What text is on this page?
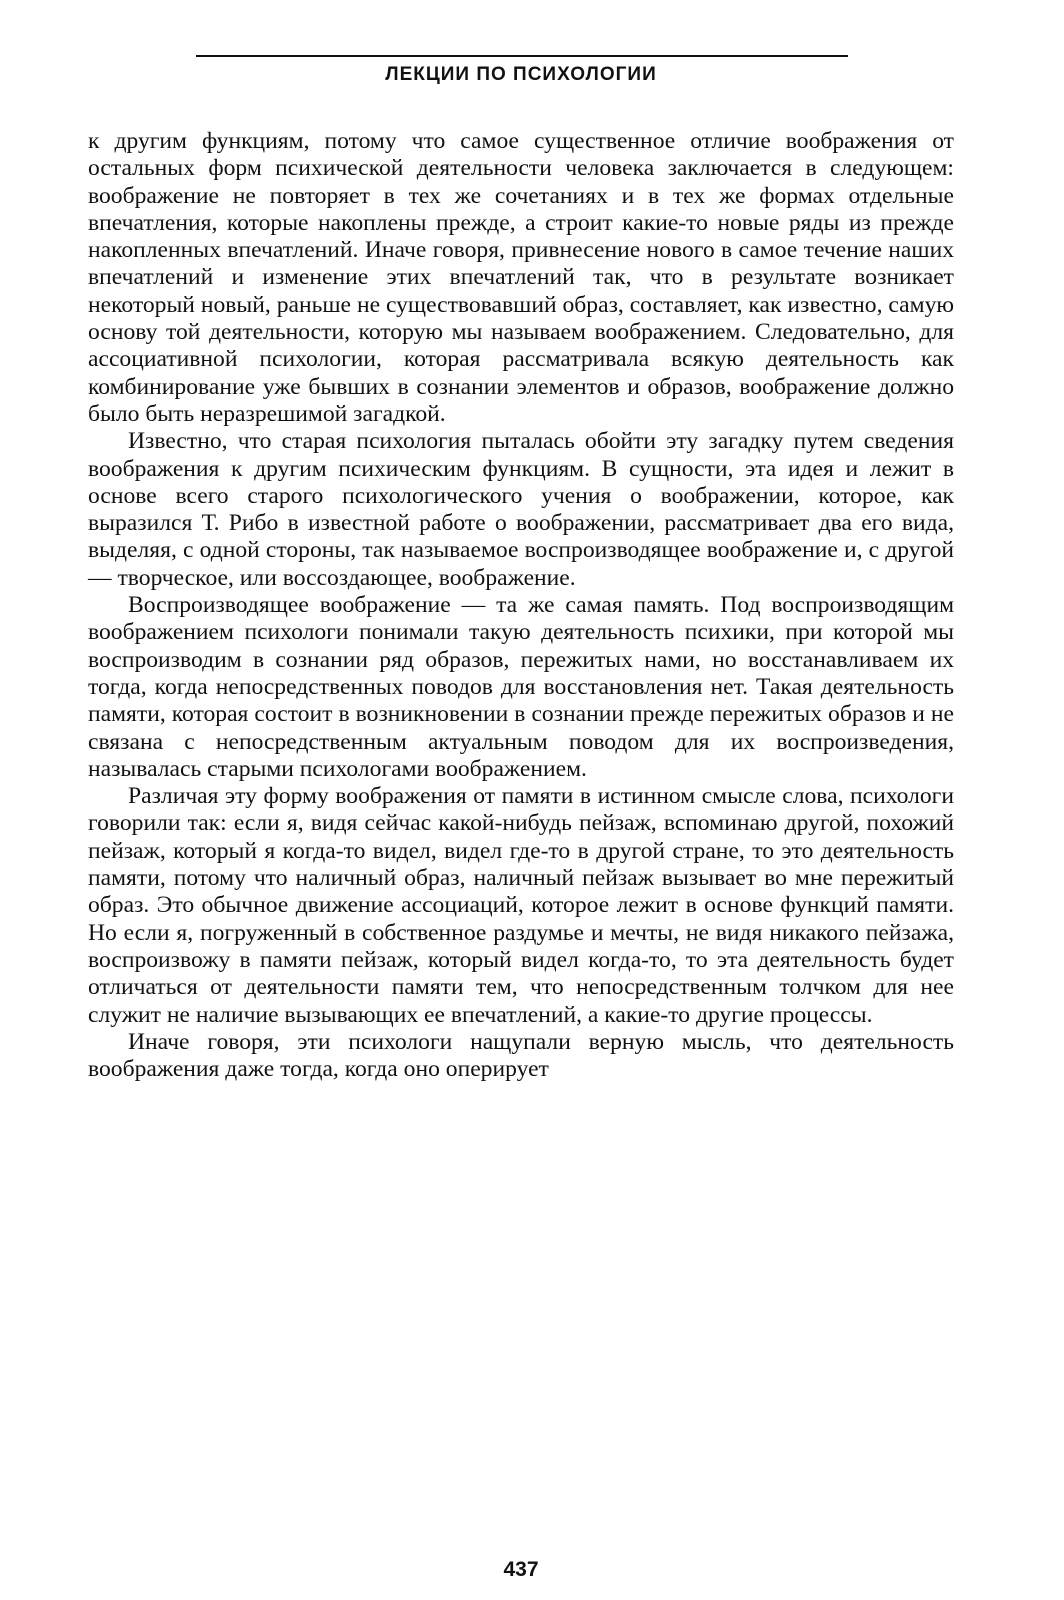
ЛЕКЦИИ ПО ПСИХОЛОГИИ

к другим функциям, потому что самое существенное отличие воображения от остальных форм психической деятельности человека заключается в следующем: воображение не повторяет в тех же сочетаниях и в тех же формах отдельные впечатления, которые накоплены прежде, а строит какие-то новые ряды из прежде накопленных впечатлений. Иначе говоря, привнесение нового в самое течение наших впечатлений и изменение этих впечатлений так, что в результате возникает некоторый новый, раньше не существовавший образ, составляет, как известно, самую основу той деятельности, которую мы называем воображением. Следовательно, для ассоциативной психологии, которая рассматривала всякую деятельность как комбинирование уже бывших в сознании элементов и образов, воображение должно было быть неразрешимой загадкой.

Известно, что старая психология пыталась обойти эту загадку путем сведения воображения к другим психическим функциям. В сущности, эта идея и лежит в основе всего старого психологического учения о воображении, которое, как выразился Т. Рибо в известной работе о воображении, рассматривает два его вида, выделяя, с одной стороны, так называемое воспроизводящее воображение и, с другой — творческое, или воссоздающее, воображение.

Воспроизводящее воображение — та же самая память. Под воспроизводящим воображением психологи понимали такую деятельность психики, при которой мы воспроизводим в сознании ряд образов, пережитых нами, но восстанавливаем их тогда, когда непосредственных поводов для восстановления нет. Такая деятельность памяти, которая состоит в возникновении в сознании прежде пережитых образов и не связана с непосредственным актуальным поводом для их воспроизведения, называлась старыми психологами воображением.

Различая эту форму воображения от памяти в истинном смысле слова, психологи говорили так: если я, видя сейчас какой-нибудь пейзаж, вспоминаю другой, похожий пейзаж, который я когда-то видел, видел где-то в другой стране, то это деятельность памяти, потому что наличный образ, наличный пейзаж вызывает во мне пережитый образ. Это обычное движение ассоциаций, которое лежит в основе функций памяти. Но если я, погруженный в собственное раздумье и мечты, не видя никакого пейзажа, воспроизвожу в памяти пейзаж, который видел когда-то, то эта деятельность будет отличаться от деятельности памяти тем, что непосредственным толчком для нее служит не наличие вызывающих ее впечатлений, а какие-то другие процессы.

Иначе говоря, эти психологи нащупали верную мысль, что деятельность воображения даже тогда, когда оно оперирует

437
